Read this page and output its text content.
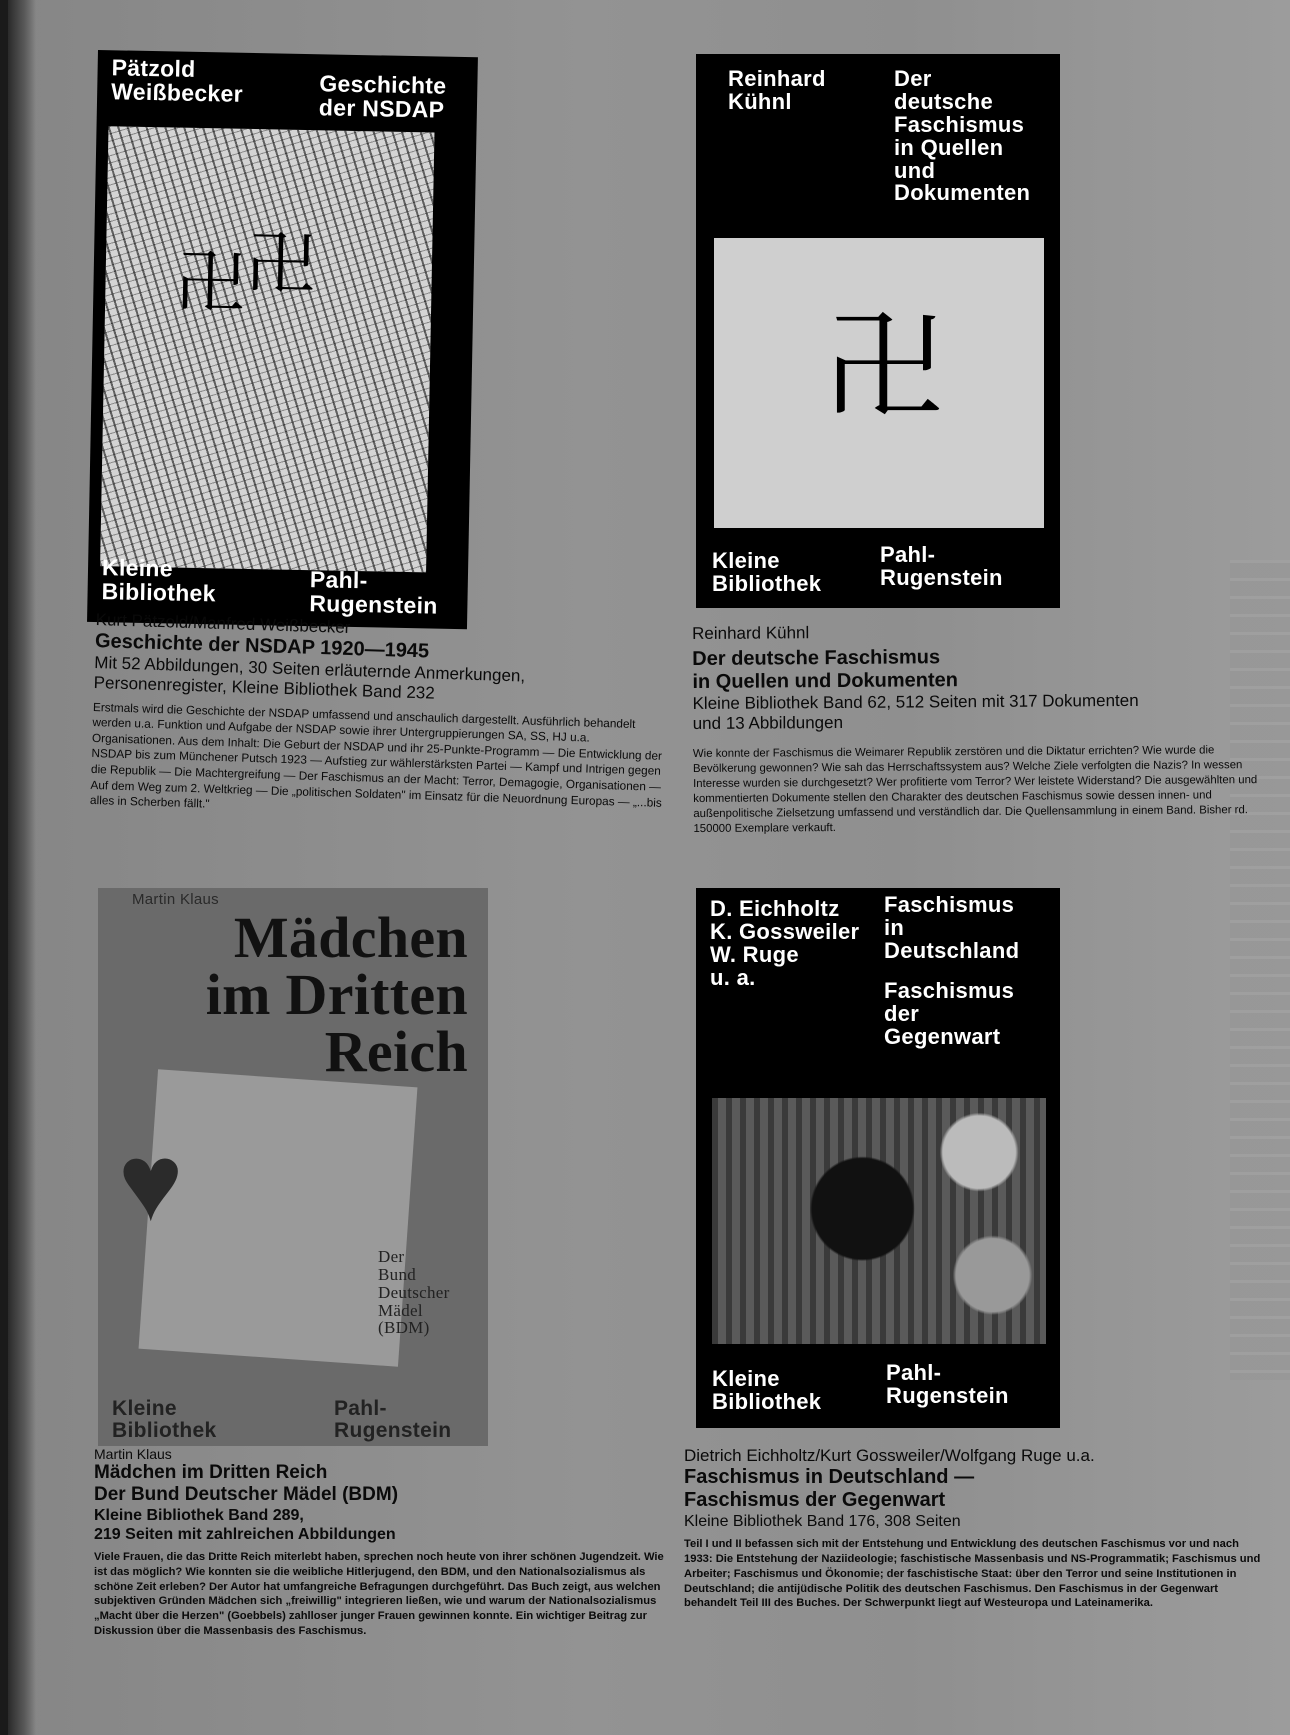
Pätzold
Weißbecker	Geschichte
der NSDAP
卍
卍
Kleine
Bibliothek	Pahl-
Rugenstein
Kurt Pätzold/Manfred Weißbecker
Geschichte der NSDAP 1920—1945
Mit 52 Abbildungen, 30 Seiten erläuternde Anmerkungen,
Personenregister, Kleine Bibliothek Band 232
Erstmals wird die Geschichte der NSDAP umfassend und anschaulich dargestellt. Ausführlich behandelt werden u.a. Funktion und Aufgabe der NSDAP sowie ihrer Untergruppierungen SA, SS, HJ u.a. Organisationen. Aus dem Inhalt: Die Geburt der NSDAP und ihr 25-Punkte-Programm — Die Entwicklung der NSDAP bis zum Münchener Putsch 1923 — Aufstieg zur wählerstärksten Partei — Kampf und Intrigen gegen die Republik — Die Machtergreifung — Der Faschismus an der Macht: Terror, Demagogie, Organisationen — Auf dem Weg zum 2. Weltkrieg — Die „politischen Soldaten" im Einsatz für die Neuordnung Europas — „...bis alles in Scherben fällt."
Reinhard
Kühnl
Der
deutsche
Faschismus
in Quellen
und
Dokumenten
卍
Kleine
Bibliothek
Pahl-
Rugenstein
Reinhard Kühnl
Der deutsche Faschismus
in Quellen und Dokumenten
Kleine Bibliothek Band 62, 512 Seiten mit 317 Dokumenten
und 13 Abbildungen
Wie konnte der Faschismus die Weimarer Republik zerstören und die Diktatur errichten? Wie wurde die Bevölkerung gewonnen? Wie sah das Herrschaftssystem aus? Welche Ziele verfolgten die Nazis? In wessen Interesse wurden sie durchgesetzt? Wer profitierte vom Terror? Wer leistete Widerstand? Die ausgewählten und kommentierten Dokumente stellen den Charakter des deutschen Faschismus sowie dessen innen- und außenpolitische Zielsetzung umfassend und verständlich dar. Die Quellensammlung in einem Band. Bisher rd. 150000 Exemplare verkauft.
Martin Klaus
Mädchen
im Dritten
Reich
♥
Der
Bund
Deutscher
Mädel
(BDM)
Kleine
Bibliothek
Pahl-
Rugenstein
Martin Klaus
Mädchen im Dritten Reich
Der Bund Deutscher Mädel (BDM)
Kleine Bibliothek Band 289,
219 Seiten mit zahlreichen Abbildungen
Viele Frauen, die das Dritte Reich miterlebt haben, sprechen noch heute von ihrer schönen Jugendzeit. Wie ist das möglich? Wie konnten sie die weibliche Hitlerjugend, den BDM, und den Nationalsozialismus als schöne Zeit erleben? Der Autor hat umfangreiche Befragungen durchgeführt. Das Buch zeigt, aus welchen subjektiven Gründen Mädchen sich „freiwillig" integrieren ließen, wie und warum der Nationalsozialismus „Macht über die Herzen" (Goebbels) zahlloser junger Frauen gewinnen konnte. Ein wichtiger Beitrag zur Diskussion über die Massenbasis des Faschismus.
D. Eichholtz
K. Gossweiler
W. Ruge
u. a.
Faschismus
in
Deutschland
Faschismus
der
Gegenwart
Kleine
Bibliothek
Pahl-
Rugenstein
Dietrich Eichholtz/Kurt Gossweiler/Wolfgang Ruge u.a.
Faschismus in Deutschland —
Faschismus der Gegenwart
Kleine Bibliothek Band 176, 308 Seiten
Teil I und II befassen sich mit der Entstehung und Entwicklung des deutschen Faschismus vor und nach 1933: Die Entstehung der Naziideologie; faschistische Massenbasis und NS-Programmatik; Faschismus und Arbeiter; Faschismus und Ökonomie; der faschistische Staat: über den Terror und seine Institutionen in Deutschland; die antijüdische Politik des deutschen Faschismus. Den Faschismus in der Gegenwart behandelt Teil III des Buches. Der Schwerpunkt liegt auf Westeuropa und Lateinamerika.
